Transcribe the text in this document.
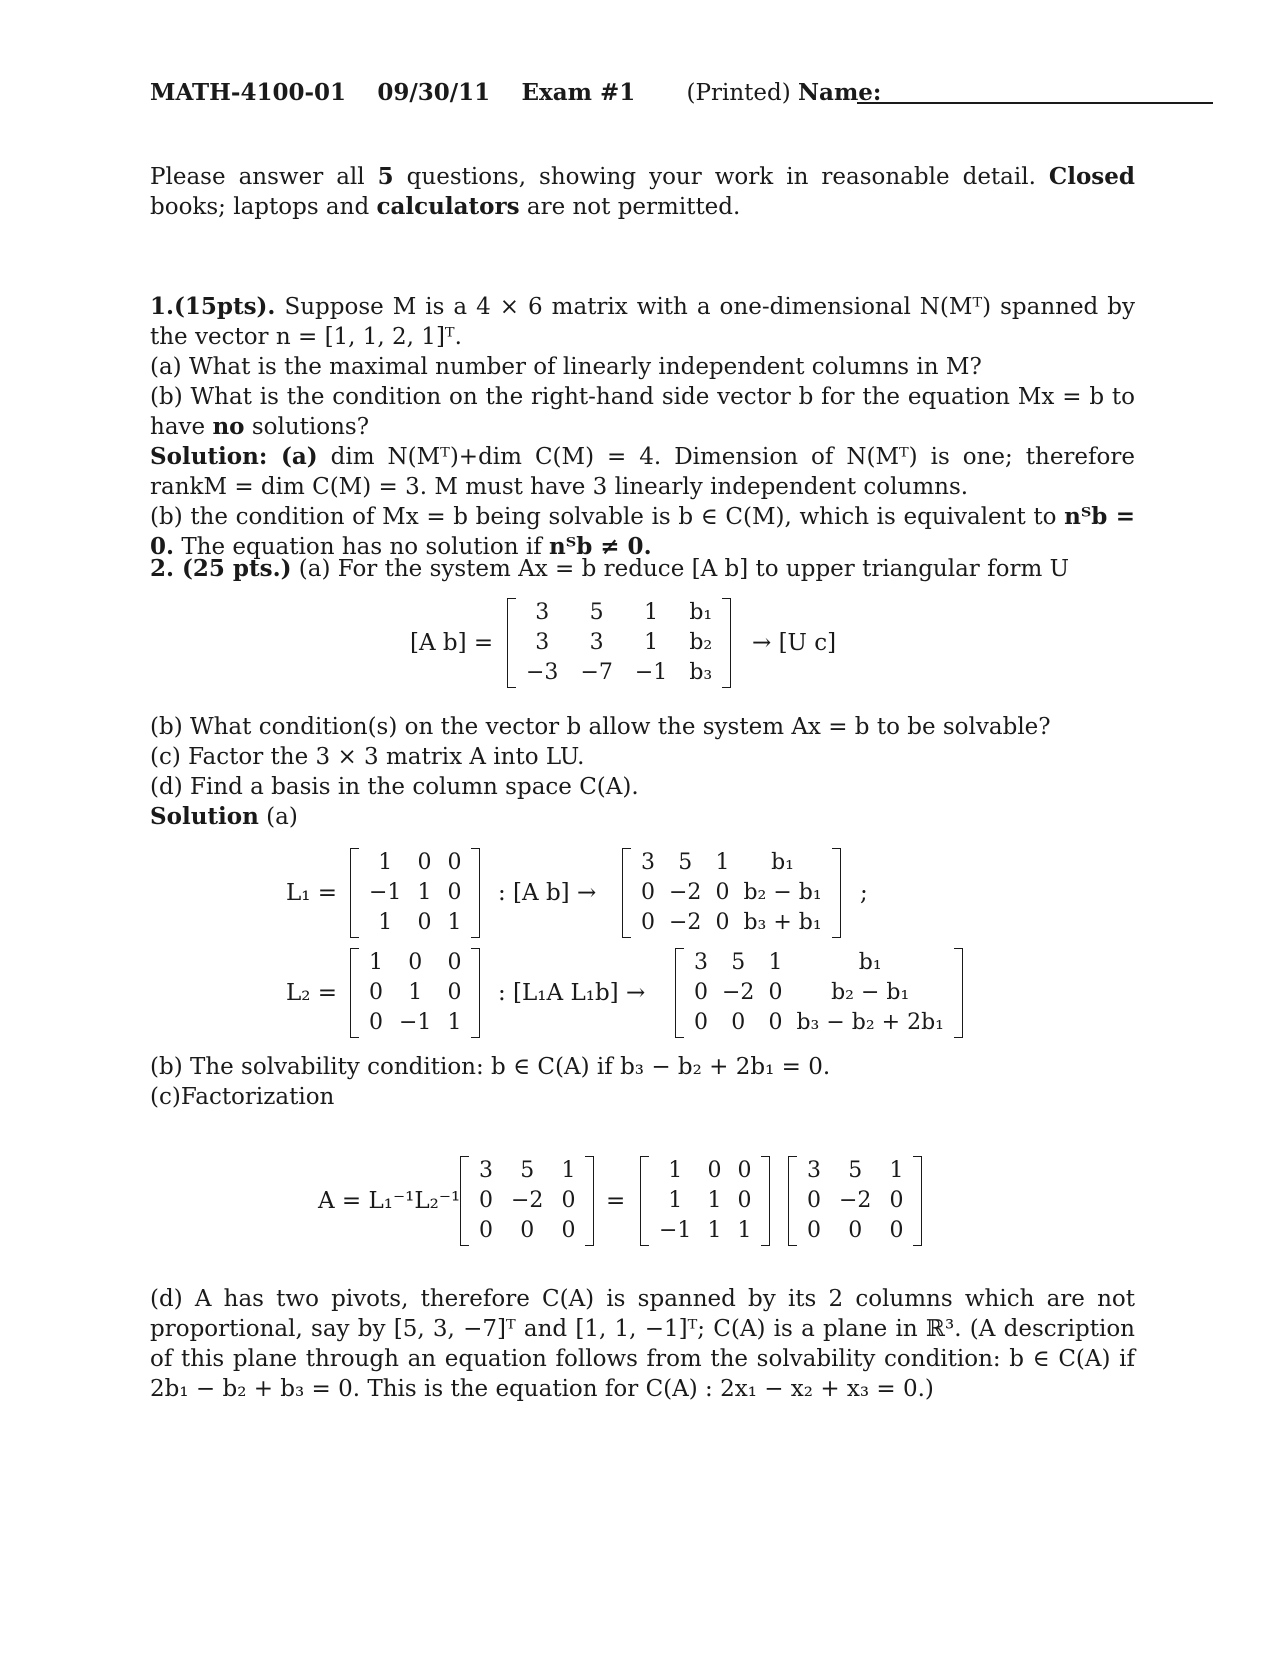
MATH-4100-01 09/30/11 Exam #1 (Printed) Name:

Please answer all 5 questions, showing your work in reasonable detail. Closed books; laptops and calculators are not permitted.

1.(15pts). Suppose M is a 4 × 6 matrix with a one-dimensional N(Mᵀ) spanned by the vector n = [1, 1, 2, 1]ᵀ.

(a) What is the maximal number of linearly independent columns in M?

(b) What is the condition on the right-hand side vector b for the equation Mx = b to have no solutions?

Solution: (a) dim N(Mᵀ)+dim C(M) = 4. Dimension of N(Mᵀ) is one; therefore rankM = dim C(M) = 3. M must have 3 linearly independent columns.

(b) the condition of Mx = b being solvable is b ∈ C(M), which is equivalent to nᵀb = 0. The equation has no solution if nᵀb ≠ 0.

2. (25 pts.) (a) For the system Ax = b reduce [A b] to upper triangular form U

[A b] =
3 5 1 b₁
3 3 1 b₂
−3 −7 −1 b₃
→ [U c]

(b) What condition(s) on the vector b allow the system Ax = b to be solvable?

(c) Factor the 3 × 3 matrix A into LU.

(d) Find a basis in the column space C(A).

Solution (a)

L₁ =
1 0 0
−1 1 0
1 0 1
: [A b] →
3 5 1 b₁
0 −2 0 b₂ − b₁
0 −2 0 b₃ + b₁
;
L₂ =
1 0 0
0 1 0
0 −1 1
: [L₁A L₁b] →
3 5 1	b₁
0 −2 0 b₂ − b₁
0 0 0 b₃ − b₂ + 2b₁

(b) The solvability condition: b ∈ C(A) if b₃ − b₂ + 2b₁ = 0.

(c)Factorization

A = L₁⁻¹L₂⁻¹
3 5 1
0 −2 0
0 0 0
=
1 0 0
1 1 0
−1 1 1
3 5 1
0 −2 0
0 0 0

(d) A has two pivots, therefore C(A) is spanned by its 2 columns which are not proportional, say by [5, 3, −7]ᵀ and [1, 1, −1]ᵀ; C(A) is a plane in ℝ³. (A description of this plane through an equation follows from the solvability condition: b ∈ C(A) if 2b₁ − b₂ + b₃ = 0. This is the equation for C(A) : 2x₁ − x₂ + x₃ = 0.)
